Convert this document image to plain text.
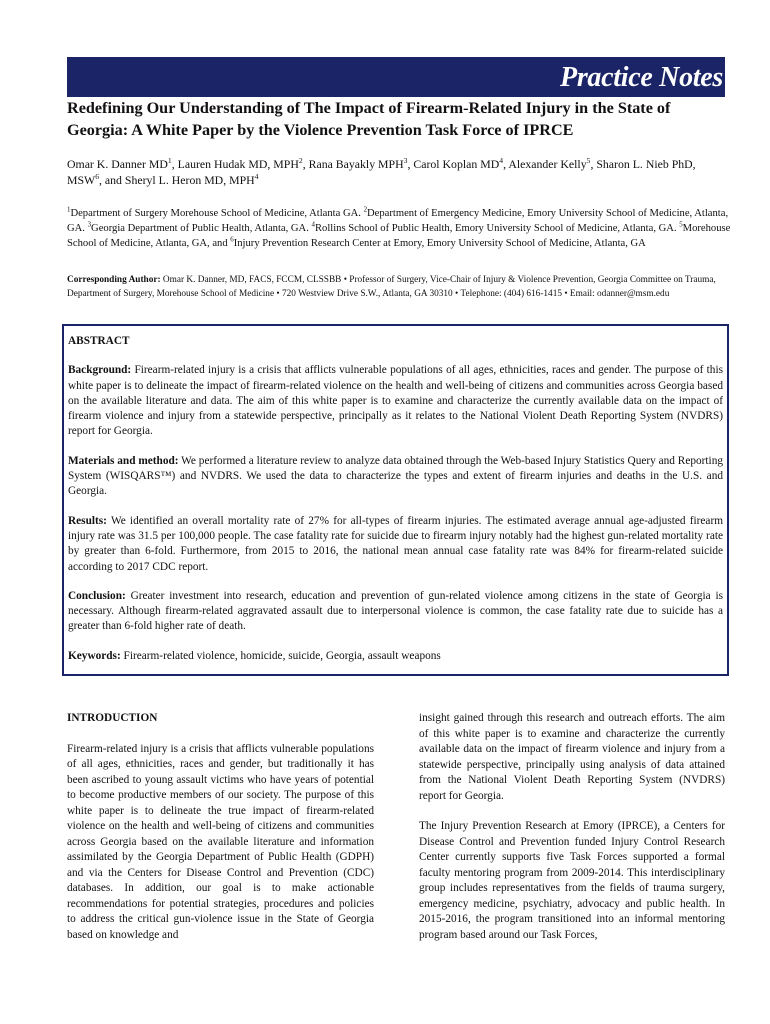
Practice Notes
Redefining Our Understanding of The Impact of Firearm-Related Injury in the State of Georgia: A White Paper by the Violence Prevention Task Force of IPRCE
Omar K. Danner $MD^1$, Lauren Hudak MD, MPH$^2$, Rana Bayakly MPH$^3$, Carol Koplan $MD^4$, Alexander Kelly$^5$, Sharon L. Nieb PhD, MSW$^6$, and Sheryl L. Heron MD, MPH$^4$
$^1$Department of Surgery Morehouse School of Medicine, Atlanta GA. $^2$Department of Emergency Medicine, Emory University School of Medicine, Atlanta, GA. $^3$Georgia Department of Public Health, Atlanta, GA. $^4$Rollins School of Public Health, Emory University School of Medicine, Atlanta, GA. $^5$Morehouse School of Medicine, Atlanta, GA, and $^6$Injury Prevention Research Center at Emory, Emory University School of Medicine, Atlanta, GA
Corresponding Author: Omar K. Danner, MD, FACS, FCCM, CLSSBB • Professor of Surgery, Vice-Chair of Injury & Violence Prevention, Georgia Committee on Trauma, Department of Surgery, Morehouse School of Medicine • 720 Westview Drive S.W., Atlanta, GA 30310 • Telephone: (404) 616-1415 • Email: odanner@msm.edu

ABSTRACT

Background: Firearm-related injury is a crisis that afflicts vulnerable populations of all ages, ethnicities, races and gender. The purpose of this white paper is to delineate the impact of firearm-related violence on the health and well-being of citizens and communities across Georgia based on the available literature and data. The aim of this white paper is to examine and characterize the currently available data on the impact of firearm violence and injury from a statewide perspective, principally as it relates to the National Violent Death Reporting System (NVDRS) report for Georgia.

Materials and method: We performed a literature review to analyze data obtained through the Web-based Injury Statistics Query and Reporting System (WISQARS™) and NVDRS. We used the data to characterize the types and extent of firearm injuries and deaths in the U.S. and Georgia.

Results: We identified an overall mortality rate of 27% for all-types of firearm injuries. The estimated average annual age-adjusted firearm injury rate was 31.5 per 100,000 people. The case fatality rate for suicide due to firearm injury notably had the highest gun-related mortality rate by greater than 6-fold. Furthermore, from 2015 to 2016, the national mean annual case fatality rate was 84% for firearm-related suicide according to 2017 CDC report.

Conclusion: Greater investment into research, education and prevention of gun-related violence among citizens in the state of Georgia is necessary. Although firearm-related aggravated assault due to interpersonal violence is common, the case fatality rate due to suicide has a greater than 6-fold higher rate of death.

Keywords: Firearm-related violence, homicide, suicide, Georgia, assault weapons

INTRODUCTION

Firearm-related injury is a crisis that afflicts vulnerable populations of all ages, ethnicities, races and gender, but traditionally it has been ascribed to young assault victims who have years of potential to become productive members of our society. The purpose of this white paper is to delineate the true impact of firearm-related violence on the health and well-being of citizens and communities across Georgia based on the available literature and information assimilated by the Georgia Department of Public Health (GDPH) and via the Centers for Disease Control and Prevention (CDC) databases. In addition, our goal is to make actionable recommendations for potential strategies, procedures and policies to address the critical gun-violence issue in the State of Georgia based on knowledge and

insight gained through this research and outreach efforts. The aim of this white paper is to examine and characterize the currently available data on the impact of firearm violence and injury from a statewide perspective, principally using analysis of data attained from the National Violent Death Reporting System (NVDRS) report for Georgia.

The Injury Prevention Research at Emory (IPRCE), a Centers for Disease Control and Prevention funded Injury Control Research Center currently supports five Task Forces supported a formal faculty mentoring program from 2009-2014. This interdisciplinary group includes representatives from the fields of trauma surgery, emergency medicine, psychiatry, advocacy and public health. In 2015-2016, the program transitioned into an informal mentoring program based around our Task Forces,
